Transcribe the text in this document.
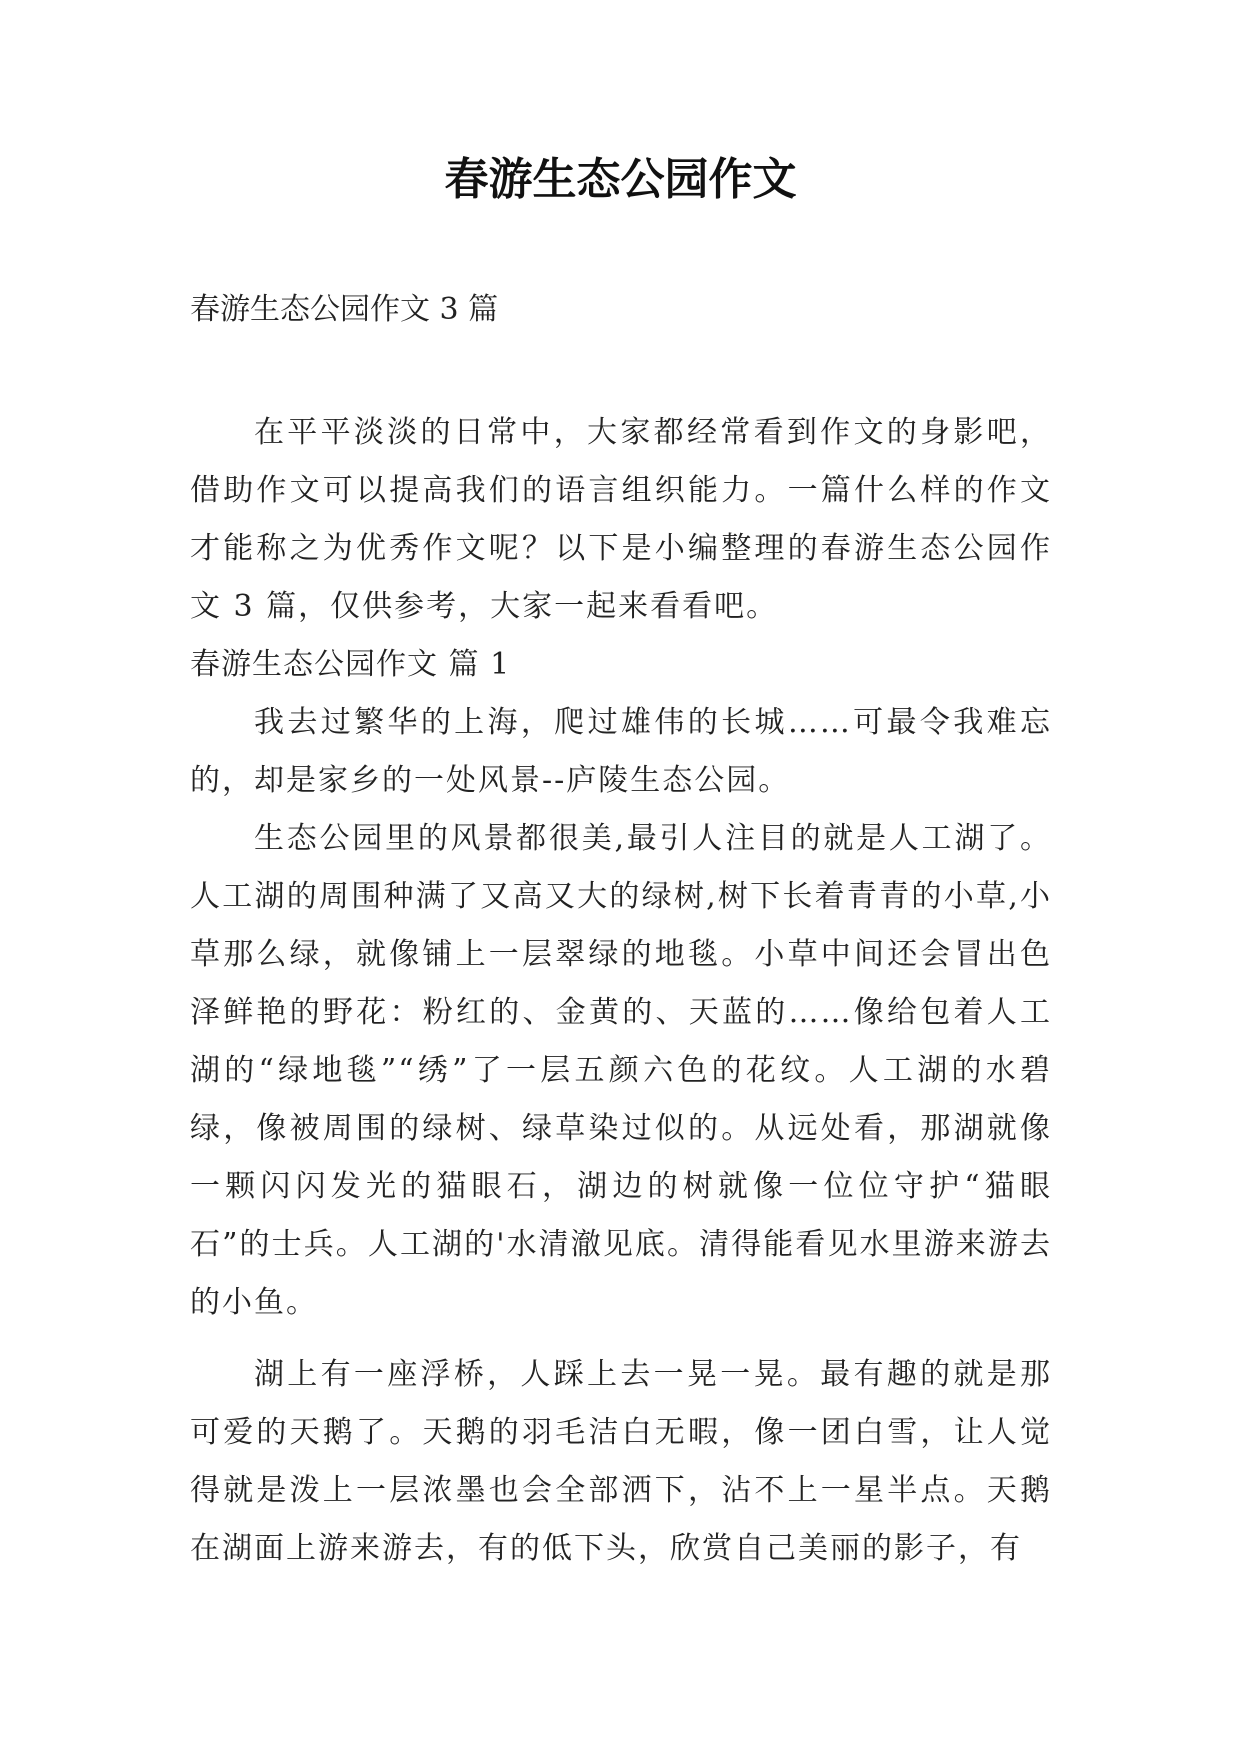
春游生态公园作文

春游生态公园作文 3 篇

在平平淡淡的日常中，大家都经常看到作文的身影吧，借助作文可以提高我们的语言组织能力。一篇什么样的作文才能称之为优秀作文呢？以下是小编整理的春游生态公园作文 3 篇，仅供参考，大家一起来看看吧。

春游生态公园作文 篇 1

我去过繁华的上海，爬过雄伟的长城……可最令我难忘的，却是家乡的一处风景--庐陵生态公园。

生态公园里的风景都很美,最引人注目的就是人工湖了。人工湖的周围种满了又高又大的绿树,树下长着青青的小草,小草那么绿，就像铺上一层翠绿的地毯。小草中间还会冒出色泽鲜艳的野花：粉红的、金黄的、天蓝的……像给包着人工湖的“绿地毯”“绣”了一层五颜六色的花纹。人工湖的水碧绿，像被周围的绿树、绿草染过似的。从远处看，那湖就像一颗闪闪发光的猫眼石，湖边的树就像一位位守护“猫眼石”的士兵。人工湖的'水清澈见底。清得能看见水里游来游去的小鱼。

湖上有一座浮桥，人踩上去一晃一晃。最有趣的就是那可爱的天鹅了。天鹅的羽毛洁白无暇，像一团白雪，让人觉得就是泼上一层浓墨也会全部洒下，沾不上一星半点。天鹅在湖面上游来游去，有的低下头，欣赏自己美丽的影子，有
